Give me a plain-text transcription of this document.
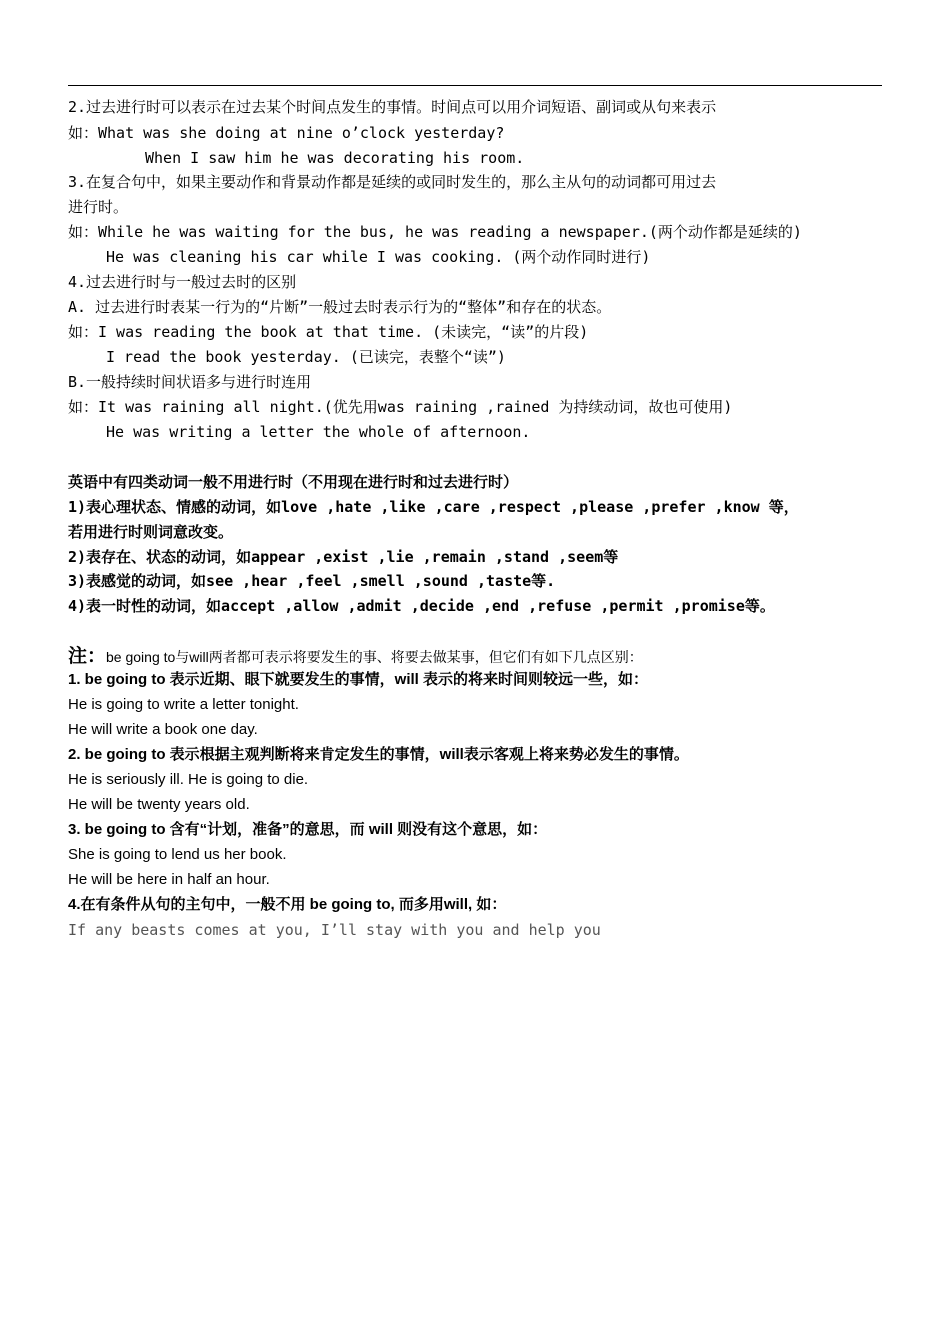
2.过去进行时可以表示在过去某个时间点发生的事情。时间点可以用介词短语、副词或从句来表示
如：What was she doing at nine o’clock yesterday?
When I saw him he was decorating his room.
3.在复合句中，如果主要动作和背景动作都是延续的或同时发生的，那么主从句的动词都可用过去
进行时。
如：While he was waiting for the bus, he was reading a newspaper.(两个动作都是延续的)
He was cleaning his car while I was cooking. (两个动作同时进行)
4.过去进行时与一般过去时的区别
A. 过去进行时表某一行为的“片断”一般过去时表示行为的“整体”和存在的状态。
如：I was reading the book at that time. (未读完，“读”的片段)
I read the book yesterday. (已读完，表整个“读”)
B.一般持续时间状语多与进行时连用
如：It was raining all night.(优先用was raining ,rained 为持续动词，故也可使用)
He was writing a letter the whole of afternoon.
英语中有四类动词一般不用进行时（不用现在进行时和过去进行时）
1)表心理状态、情感的动词，如love ,hate ,like ,care ,respect ,please ,prefer ,know 等，
若用进行时则词意改变。
2)表存在、状态的动词，如appear ,exist ,lie ,remain ,stand ,seem等
3)表感觉的动词，如see ,hear ,feel ,smell ,sound ,taste等.
4)表一时性的动词，如accept ,allow ,admit ,decide ,end ,refuse ,permit ,promise等。
注：be going to与will两者都可表示将要发生的事、将要去做某事，但它们有如下几点区别：
1. be going to 表示近期、眼下就要发生的事情，will 表示的将来时间则较远一些，如：
He is going to write a letter tonight.
He will write a book one day.
2. be going to 表示根据主观判断将来肯定发生的事情，will表示客观上将来势必发生的事情。
He is seriously ill. He is going to die.
He will be twenty years old.
3. be going to 含有“计划，准备”的意思，而 will 则没有这个意思，如：
She is going to lend us her book.
He will be here in half an hour.
4.在有条件从句的主句中，一般不用 be going to, 而多用will, 如：
If any beasts comes at you, I’ll stay with you and help you
